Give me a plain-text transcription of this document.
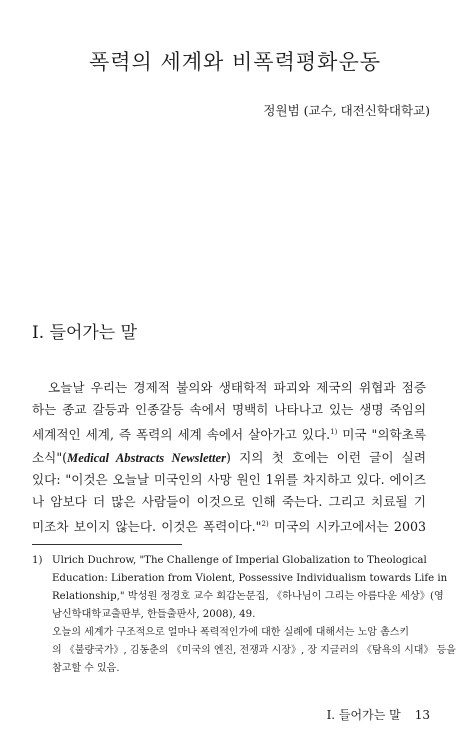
폭력의 세계와 비폭력평화운동
정원범 (교수, 대전신학대학교)
I. 들어가는 말
  오늘날 우리는 경제적 불의와 생태학적 파괴와 제국의 위협과 점증
하는 종교 갈등과 인종갈등 속에서 명백히 나타나고 있는 생명 죽임의
세계적인 세계, 즉 폭력의 세계 속에서 살아가고 있다.$^{1)}$ 미국 "의학초록
소식"(Medical Abstracts Newsletter) 지의 첫 호에는 이런 글이 실려
있다: "이것은 오늘날 미국인의 사망 원인 1위를 차지하고 있다. 에이즈
나 암보다 더 많은 사람들이 이것으로 인해 죽는다. 그리고 치료될 기
미조차 보이지 않는다. 이것은 폭력이다."$^{2)}$ 미국의 시카고에서는 2003
1) Ulrich Duchrow, "The Challenge of Imperial Globalization to Theological
Education: Liberation from Violent, Possessive Individualism towards Life in
Relationship," 박성원 정경호 교수 회갑논문집, 《하나님이 그리는 아름다운 세상》(영
남신학대학교출판부, 한들출판사, 2008), 49.
오늘의 세계가 구조적으로 얼마나 폭력적인가에 대한 실례에 대해서는 노암 촘스키
의 《불량국가》, 김동춘의 《미국의 엔진, 전쟁과 시장》, 장 지글러의 《탐욕의 시대》 등을
참고할 수 있음.
I. 들어가는 말 13
